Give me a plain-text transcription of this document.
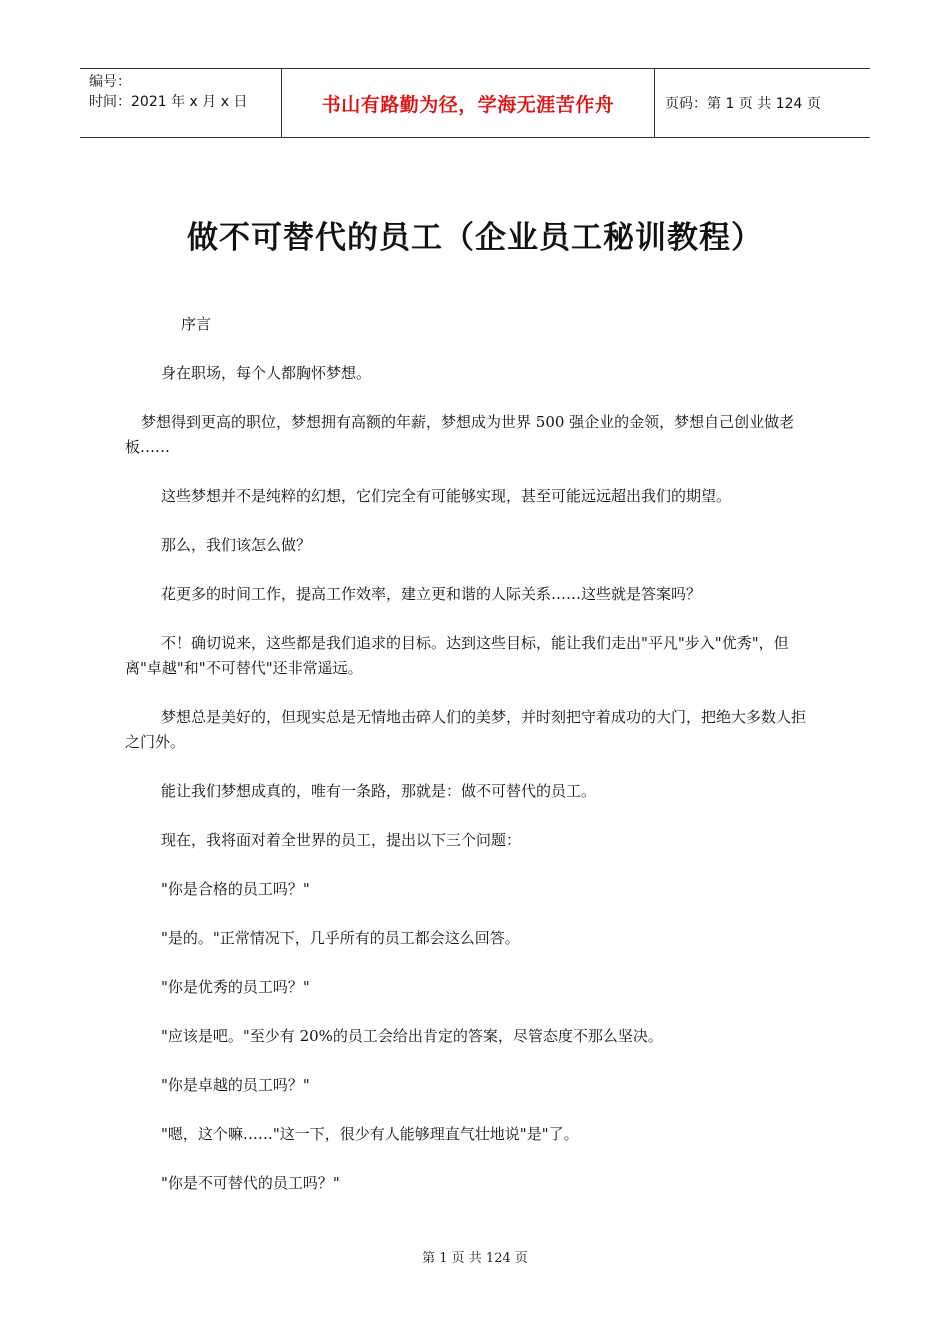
编号：
时间：2021 年 x 月 x 日	书山有路勤为径，学海无涯苦作舟	页码：第 1 页 共 124 页
做不可替代的员工（企业员工秘训教程）

序言

身在职场，每个人都胸怀梦想。

梦想得到更高的职位，梦想拥有高额的年薪，梦想成为世界 500 强企业的金领，梦想自己创业做老板……

这些梦想并不是纯粹的幻想，它们完全有可能够实现，甚至可能远远超出我们的期望。

那么，我们该怎么做？

花更多的时间工作，提高工作效率，建立更和谐的人际关系……这些就是答案吗？

不！确切说来，这些都是我们追求的目标。达到这些目标，能让我们走出"平凡"步入"优秀"，但离"卓越"和"不可替代"还非常遥远。

梦想总是美好的，但现实总是无情地击碎人们的美梦，并时刻把守着成功的大门，把绝大多数人拒之门外。

能让我们梦想成真的，唯有一条路，那就是：做不可替代的员工。

现在，我将面对着全世界的员工，提出以下三个问题：

"你是合格的员工吗？"

"是的。"正常情况下，几乎所有的员工都会这么回答。

"你是优秀的员工吗？"

"应该是吧。"至少有 20%的员工会给出肯定的答案，尽管态度不那么坚决。

"你是卓越的员工吗？"

"嗯，这个嘛……"这一下，很少有人能够理直气壮地说"是"了。

"你是不可替代的员工吗？"

第 1 页 共 124 页
